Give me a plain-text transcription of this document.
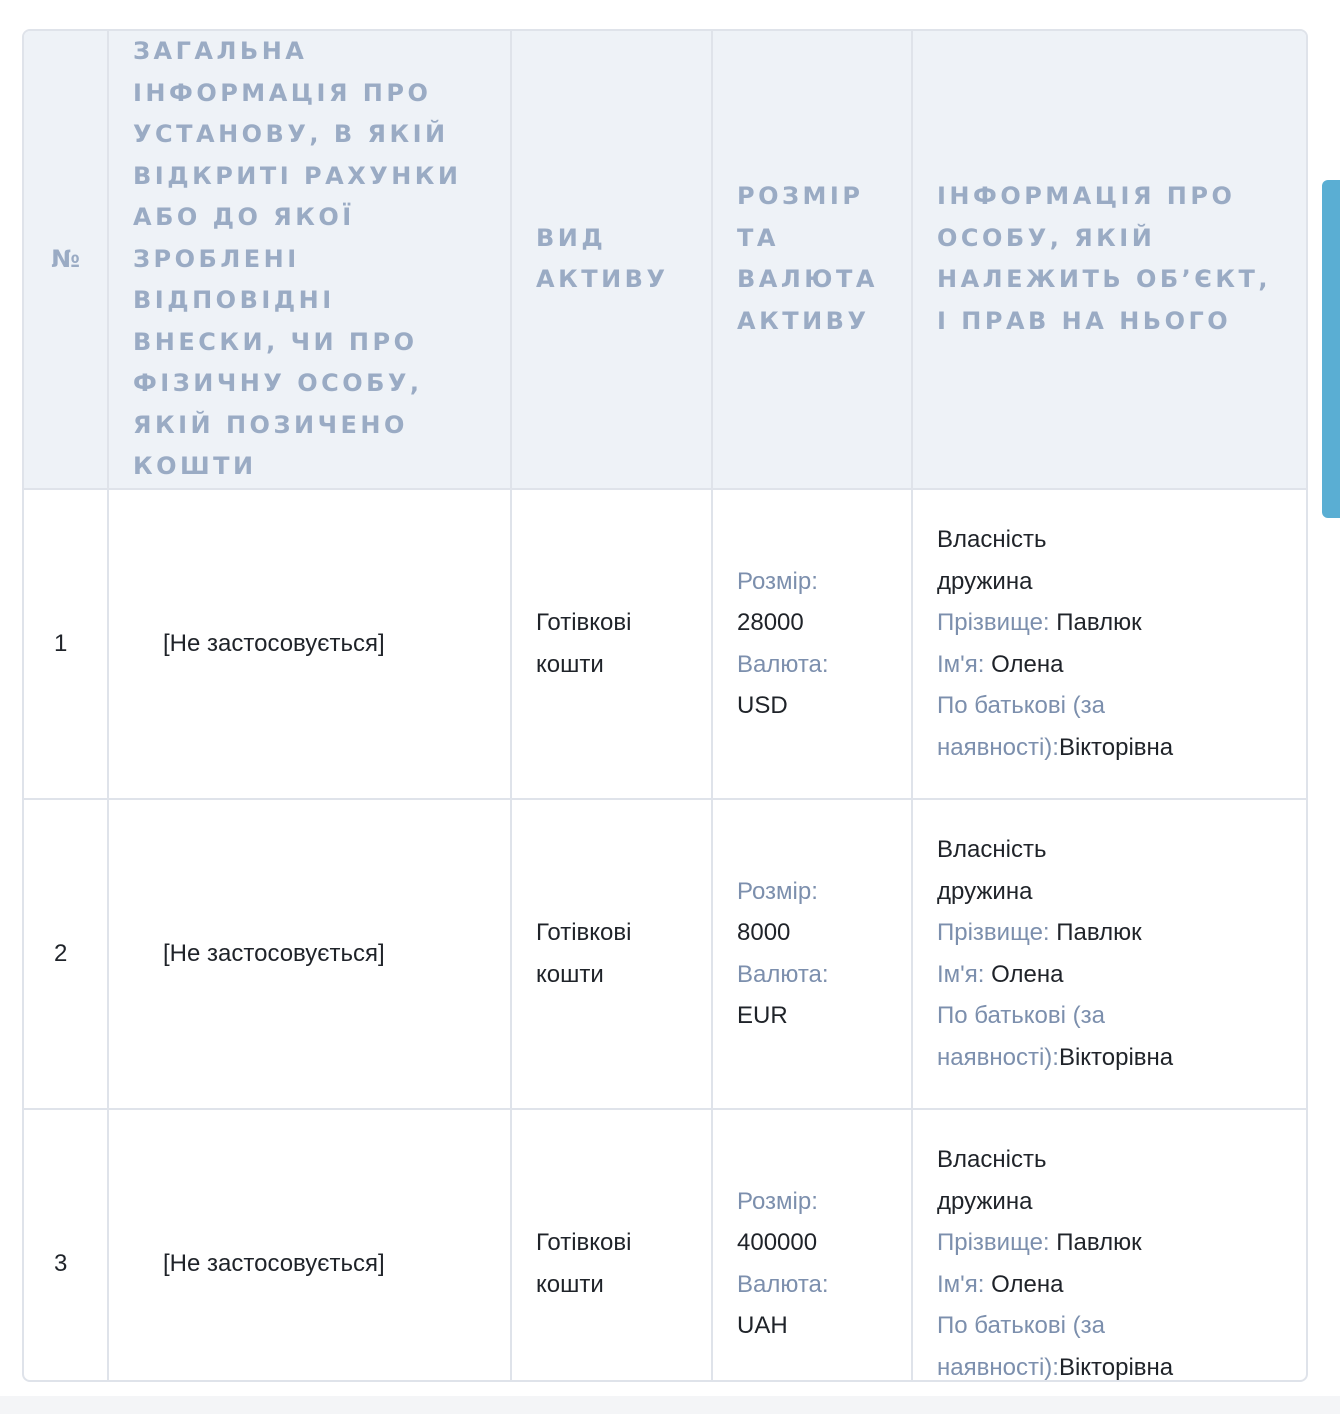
№	ЗАГАЛЬНА ІНФОРМАЦІЯ ПРО УСТАНОВУ, В ЯКІЙ ВІДКРИТІ РАХУНКИ АБО ДО ЯКОЇ ЗРОБЛЕНІ ВІДПОВІДНІ ВНЕСКИ, ЧИ ПРО ФІЗИЧНУ ОСОБУ, ЯКІЙ ПОЗИЧЕНО КОШТИ	ВИД АКТИВУ	РОЗМІР ТА ВАЛЮТА АКТИВУ	ІНФОРМАЦІЯ ПРО ОСОБУ, ЯКІЙ НАЛЕЖИТЬ ОБ’ЄКТ, І ПРАВ НА НЬОГО
1	[Не застосовується]	Готівкові кошти	Розмір:
28000
Валюта:
USD	Власність
дружина
Прізвище: Павлюк
Ім'я: Олена
По батькові (за наявності):Вікторівна

2	[Не застосовується]	Готівкові кошти	Розмір:
8000
Валюта:
EUR	Власність
дружина
Прізвище: Павлюк
Ім'я: Олена
По батькові (за наявності):Вікторівна

3	[Не застосовується]	Готівкові кошти	Розмір:
400000
Валюта:
UAH	Власність
дружина
Прізвище: Павлюк
Ім'я: Олена
По батькові (за наявності):Вікторівна
